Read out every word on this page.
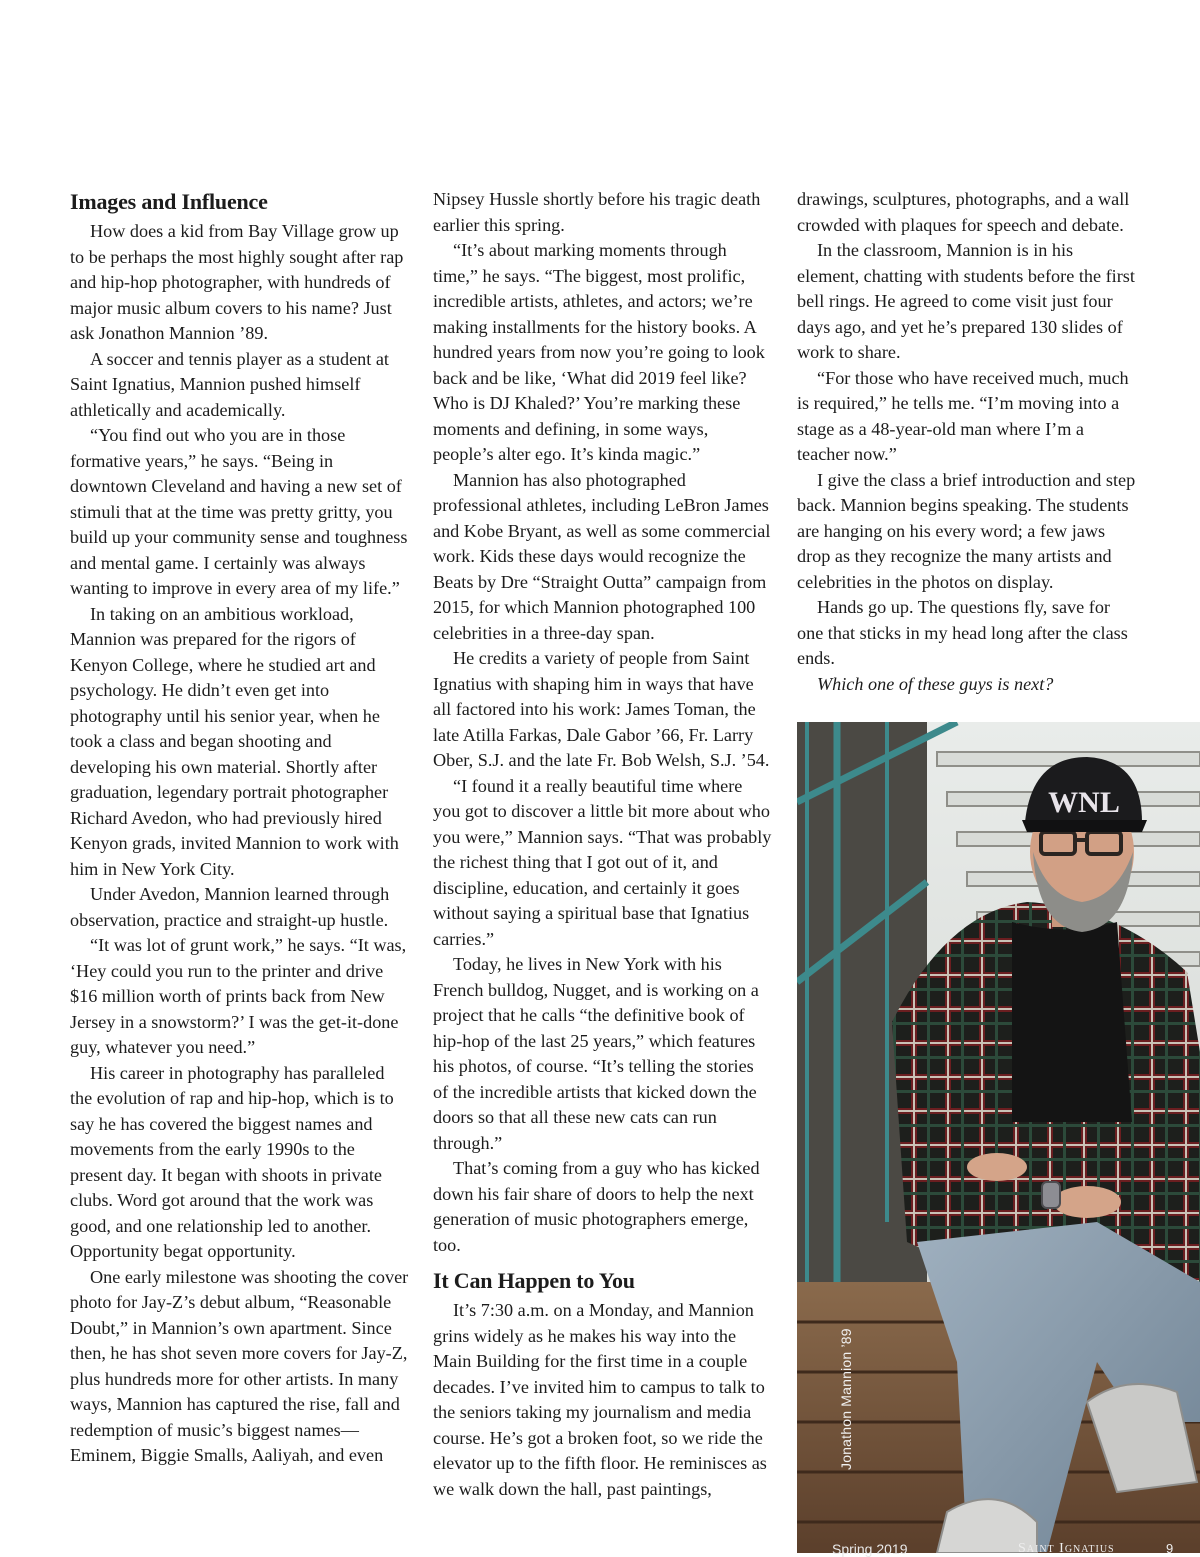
Images and Influence

How does a kid from Bay Village grow up to be perhaps the most highly sought after rap and hip-hop photographer, with hundreds of major music album covers to his name? Just ask Jonathon Mannion ’89.

A soccer and tennis player as a student at Saint Ignatius, Mannion pushed himself athletically and academically.

“You find out who you are in those formative years,” he says. “Being in downtown Cleveland and having a new set of stimuli that at the time was pretty gritty, you build up your community sense and toughness and mental game. I certainly was always wanting to improve in every area of my life.”

In taking on an ambitious workload, Mannion was prepared for the rigors of Kenyon College, where he studied art and psychology. He didn’t even get into photography until his senior year, when he took a class and began shooting and developing his own material. Shortly after graduation, legendary portrait photographer Richard Avedon, who had previously hired Kenyon grads, invited Mannion to work with him in New York City.

Under Avedon, Mannion learned through observation, practice and straight-up hustle.

“It was lot of grunt work,” he says. “It was, ‘Hey could you run to the printer and drive $16 million worth of prints back from New Jersey in a snowstorm?’ I was the get-it-done guy, whatever you need.”

His career in photography has paralleled the evolution of rap and hip-hop, which is to say he has covered the biggest names and movements from the early 1990s to the present day. It began with shoots in private clubs. Word got around that the work was good, and one relationship led to another. Opportunity begat opportunity.

One early milestone was shooting the cover photo for Jay-Z’s debut album, “Reasonable Doubt,” in Mannion’s own apartment. Since then, he has shot seven more covers for Jay-Z, plus hundreds more for other artists. In many ways, Mannion has captured the rise, fall and redemption of music’s biggest names—Eminem, Biggie Smalls, Aaliyah, and even

Nipsey Hussle shortly before his tragic death earlier this spring.

“It’s about marking moments through time,” he says. “The biggest, most prolific, incredible artists, athletes, and actors; we’re making installments for the history books. A hundred years from now you’re going to look back and be like, ‘What did 2019 feel like? Who is DJ Khaled?’ You’re marking these moments and defining, in some ways, people’s alter ego. It’s kinda magic.”

Mannion has also photographed professional athletes, including LeBron James and Kobe Bryant, as well as some commercial work. Kids these days would recognize the Beats by Dre “Straight Outta” campaign from 2015, for which Mannion photographed 100 celebrities in a three-day span.

He credits a variety of people from Saint Ignatius with shaping him in ways that have all factored into his work: James Toman, the late Atilla Farkas, Dale Gabor ’66, Fr. Larry Ober, S.J. and the late Fr. Bob Welsh, S.J. ’54.

“I found it a really beautiful time where you got to discover a little bit more about who you were,” Mannion says. “That was probably the richest thing that I got out of it, and discipline, education, and certainly it goes without saying a spiritual base that Ignatius carries.”

Today, he lives in New York with his French bulldog, Nugget, and is working on a project that he calls “the definitive book of hip-hop of the last 25 years,” which features his photos, of course. “It’s telling the stories of the incredible artists that kicked down the doors so that all these new cats can run through.”

That’s coming from a guy who has kicked down his fair share of doors to help the next generation of music photographers emerge, too.

It Can Happen to You

It’s 7:30 a.m. on a Monday, and Mannion grins widely as he makes his way into the Main Building for the first time in a couple decades. I’ve invited him to campus to talk to the seniors taking my journalism and media course. He’s got a broken foot, so we ride the elevator up to the fifth floor. He reminisces as we walk down the hall, past paintings,

drawings, sculptures, photographs, and a wall crowded with plaques for speech and debate.

In the classroom, Mannion is in his element, chatting with students before the first bell rings. He agreed to come visit just four days ago, and yet he’s prepared 130 slides of work to share.

“For those who have received much, much is required,” he tells me. “I’m moving into a stage as a 48-year-old man where I’m a teacher now.”

I give the class a brief introduction and step back. Mannion begins speaking. The students are hanging on his every word; a few jaws drop as they recognize the many artists and celebrities in the photos on display.

Hands go up. The questions fly, save for one that sticks in my head long after the class ends.

Which one of these guys is next?

WNL
Jonathon Mannion ’89
Spring 2019	Saint Ignatius	9
